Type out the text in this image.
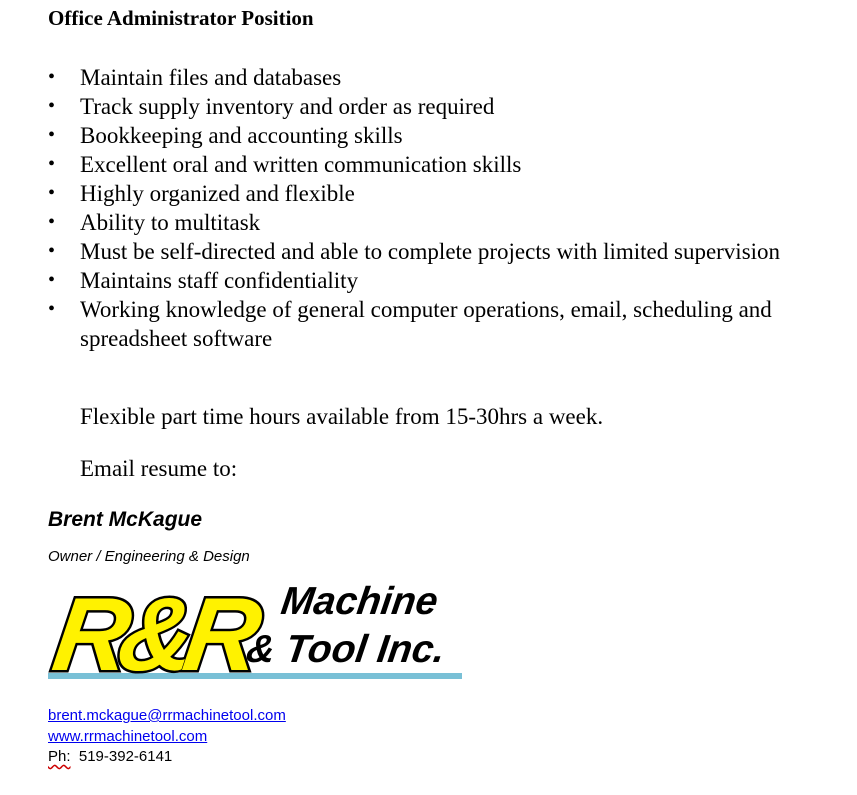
Office Administrator Position
• Maintain files and databases
• Track supply inventory and order as required
• Bookkeeping and accounting skills
• Excellent oral and written communication skills
• Highly organized and flexible
• Ability to multitask
• Must be self-directed and able to complete projects with limited supervision
• Maintains staff confidentiality
• Working knowledge of general computer operations, email, scheduling and spreadsheet software
Flexible part time hours available from 15-30hrs a week.
Email resume to:
Brent McKague
Owner / Engineering & Design
R&R Machine
& Tool Inc.
brent.mckague@rrmachinetool.com
www.rrmachinetool.com
Ph: 519-392-6141
